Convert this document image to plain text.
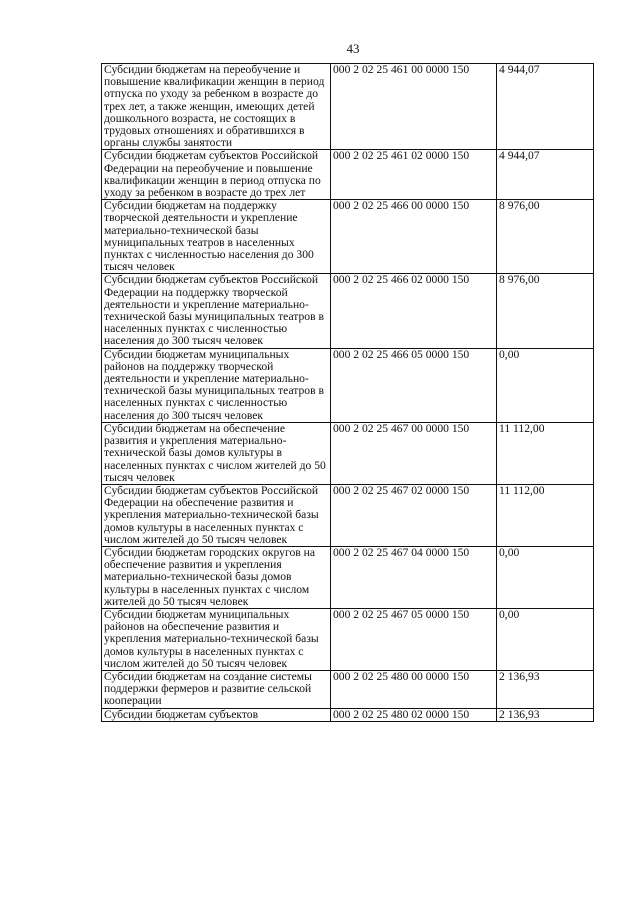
43
Субсидии бюджетам на переобучение и повышение квалификации женщин в период отпуска по уходу за ребенком в возрасте до трех лет, а также женщин, имеющих детей дошкольного возраста, не состоящих в трудовых отношениях и обратившихся в органы службы занятости	000 2 02 25 461 00 0000 150	4 944,07
Субсидии бюджетам субъектов Российской Федерации на переобучение и повышение квалификации женщин в период отпуска по уходу за ребенком в возрасте до трех лет	000 2 02 25 461 02 0000 150	4 944,07
Субсидии бюджетам на поддержку творческой деятельности и укрепление материально-технической базы муниципальных театров в населенных пунктах с численностью населения до 300 тысяч человек	000 2 02 25 466 00 0000 150	8 976,00
Субсидии бюджетам субъектов Российской Федерации на поддержку творческой деятельности и укрепление материально-технической базы муниципальных театров в населенных пунктах с численностью населения до 300 тысяч человек	000 2 02 25 466 02 0000 150	8 976,00
Субсидии бюджетам муниципальных районов на поддержку творческой деятельности и укрепление материально-технической базы муниципальных театров в населенных пунктах с численностью населения до 300 тысяч человек	000 2 02 25 466 05 0000 150	0,00
Субсидии бюджетам на обеспечение развития и укрепления материально-технической базы домов культуры в населенных пунктах с числом жителей до 50 тысяч человек	000 2 02 25 467 00 0000 150	11 112,00
Субсидии бюджетам субъектов Российской Федерации на обеспечение развития и укрепления материально-технической базы домов культуры в населенных пунктах с числом жителей до 50 тысяч человек	000 2 02 25 467 02 0000 150	11 112,00
Субсидии бюджетам городских округов на обеспечение развития и укрепления материально-технической базы домов культуры в населенных пунктах с числом жителей до 50 тысяч человек	000 2 02 25 467 04 0000 150	0,00
Субсидии бюджетам муниципальных районов на обеспечение развития и укрепления материально-технической базы домов культуры в населенных пунктах с числом жителей до 50 тысяч человек	000 2 02 25 467 05 0000 150	0,00
Субсидии бюджетам на создание системы поддержки фермеров и развитие сельской кооперации	000 2 02 25 480 00 0000 150	2 136,93
Субсидии бюджетам субъектов	000 2 02 25 480 02 0000 150	2 136,93
